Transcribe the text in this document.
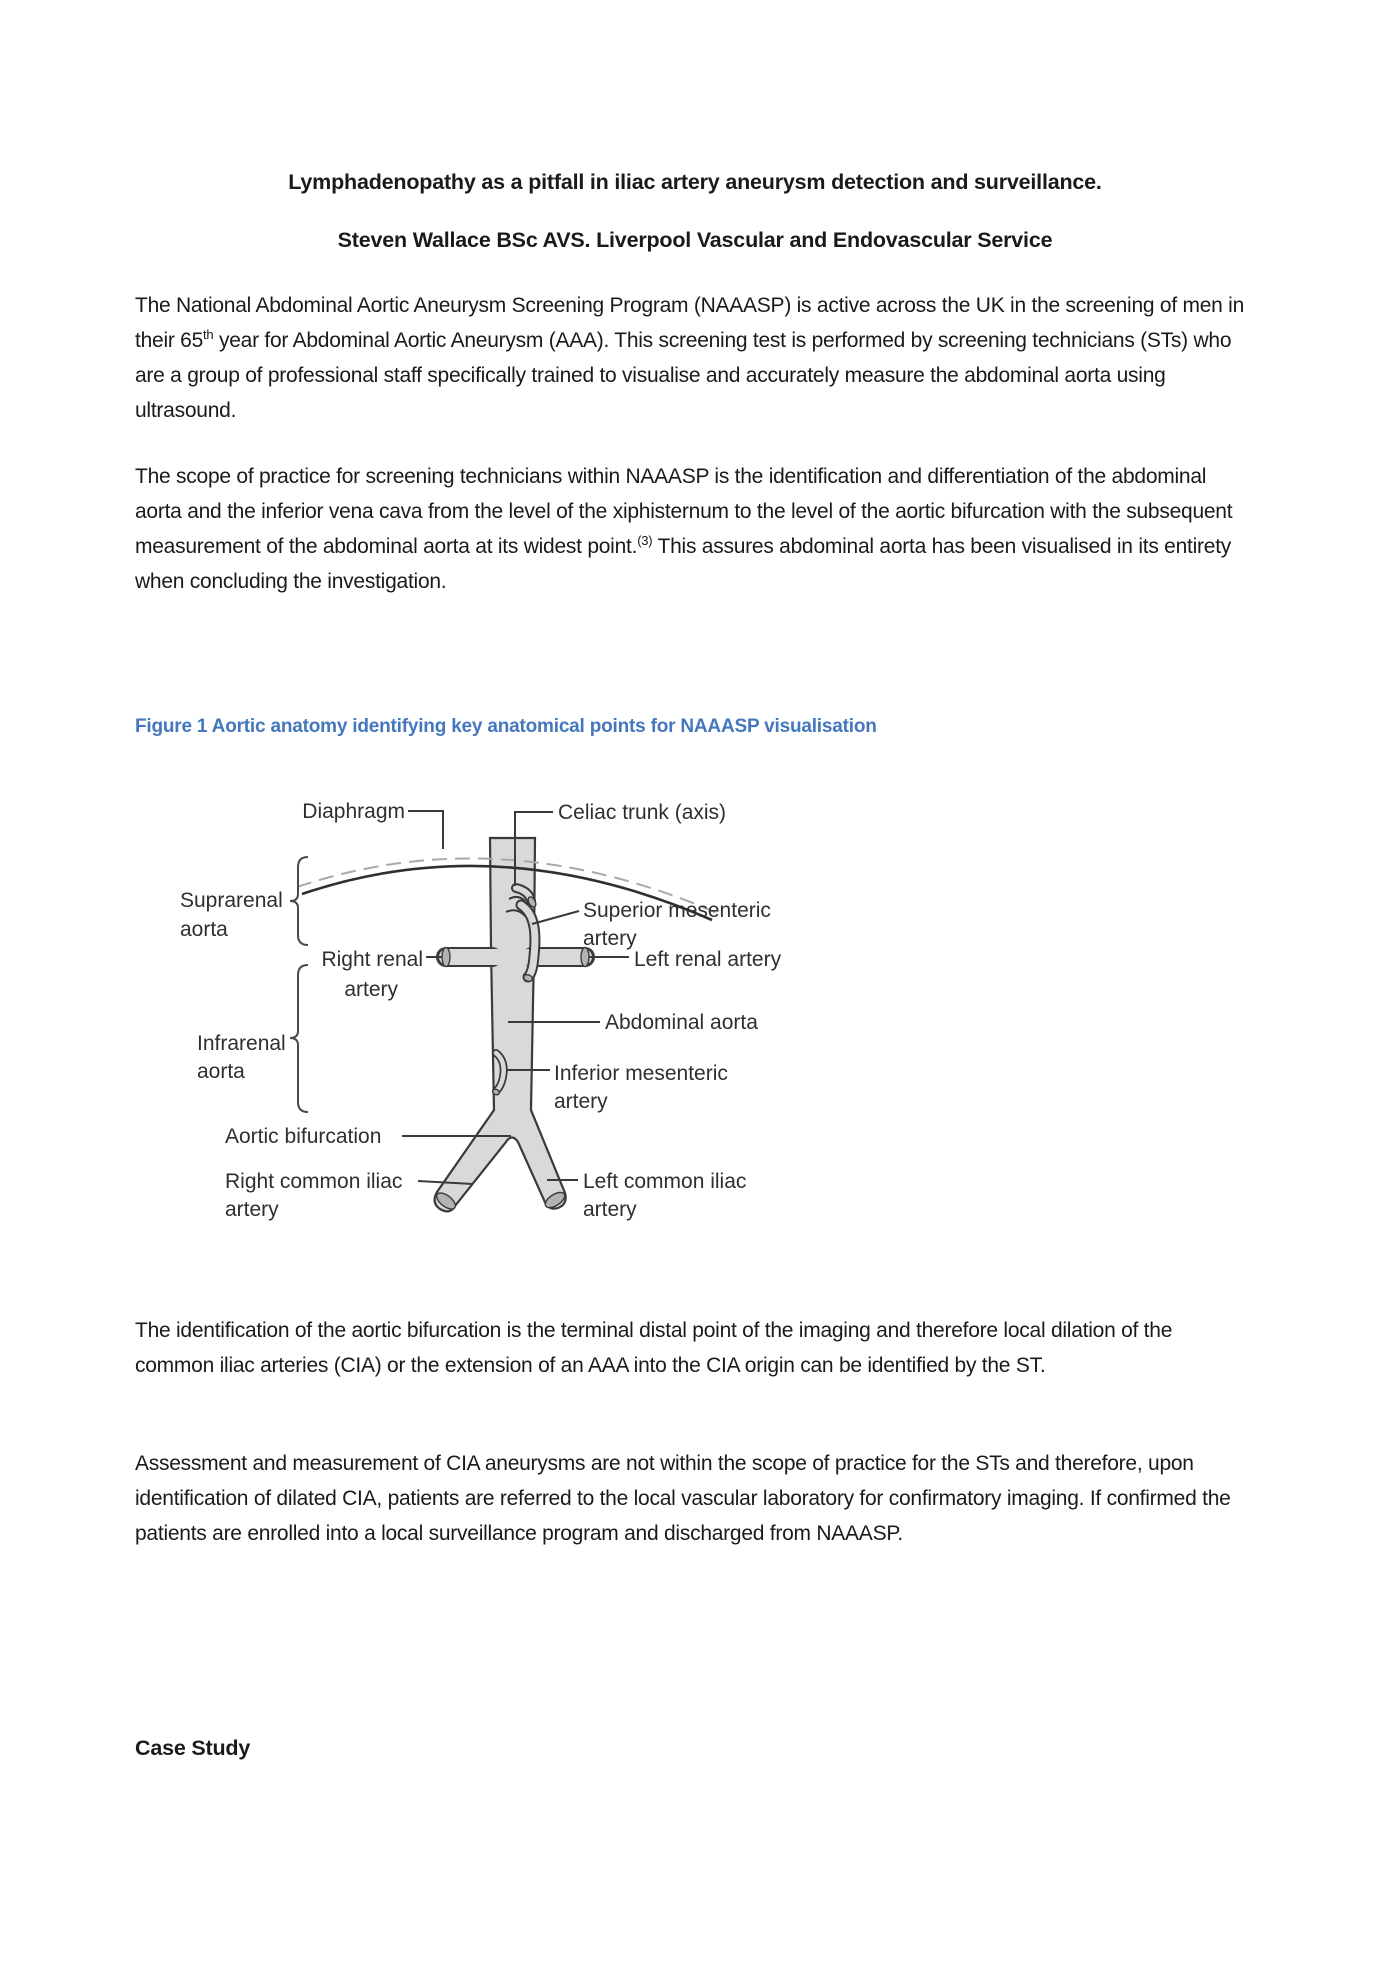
Lymphadenopathy as a pitfall in iliac artery aneurysm detection and surveillance.
Steven Wallace BSc AVS. Liverpool Vascular and Endovascular Service
The National Abdominal Aortic Aneurysm Screening Program (NAAASP) is active across the UK in the screening of men in their 65th year for Abdominal Aortic Aneurysm (AAA). This screening test is performed by screening technicians (STs) who are a group of professional staff specifically trained to visualise and accurately measure the abdominal aorta using ultrasound.
The scope of practice for screening technicians within NAAASP is the identification and differentiation of the abdominal aorta and the inferior vena cava from the level of the xiphisternum to the level of the aortic bifurcation with the subsequent measurement of the abdominal aorta at its widest point.$^{(3)}$ This assures abdominal aorta has been visualised in its entirety when concluding the investigation.
Figure 1 Aortic anatomy identifying key anatomical points for NAAASP visualisation
Diaphragm	Celiac trunk (axis)
Suprarenal
aorta
Superior mesenteric
artery
Right renal
artery
Left renal artery
Abdominal aorta
Inferior mesenteric
artery
Infrarenal
aorta
Aortic bifurcation
Right common iliac
artery
Left common iliac
artery
The identification of the aortic bifurcation is the terminal distal point of the imaging and therefore local dilation of the common iliac arteries (CIA) or the extension of an AAA into the CIA origin can be identified by the ST.
Assessment and measurement of CIA aneurysms are not within the scope of practice for the STs and therefore, upon identification of dilated CIA, patients are referred to the local vascular laboratory for confirmatory imaging. If confirmed the patients are enrolled into a local surveillance program and discharged from NAAASP.
Case Study
